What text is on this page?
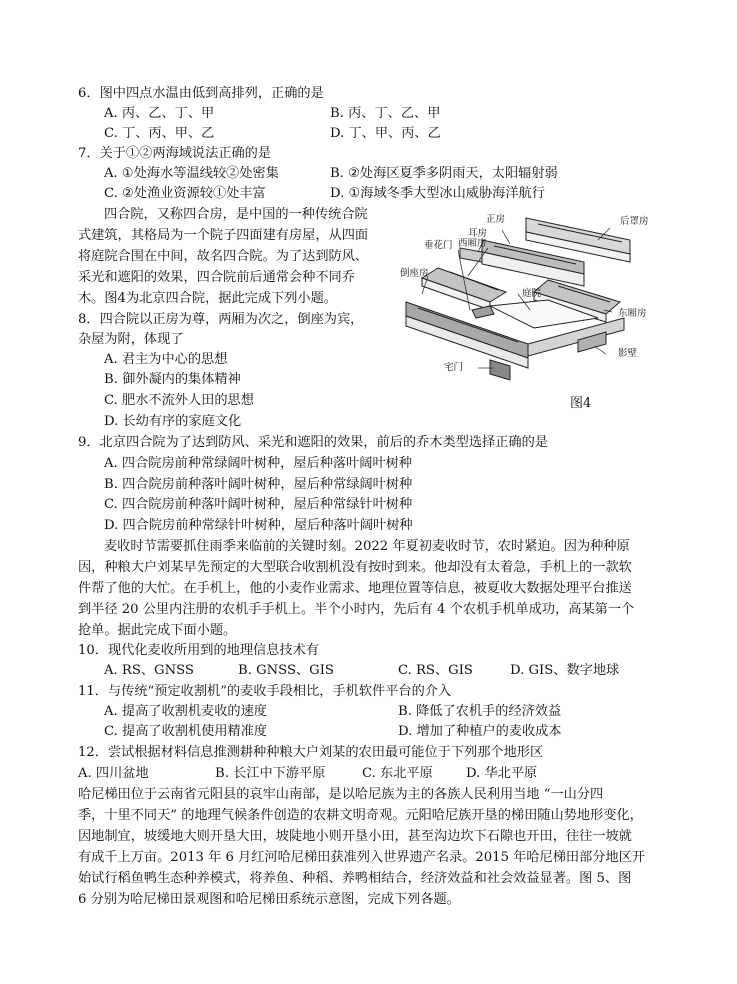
6．图中四点水温由低到高排列，正确的是
A. 丙、乙、丁、甲	B. 丙、丁、乙、甲
C. 丁、丙、甲、乙	D. 丁、甲、丙、乙
7．关于①②两海域说法正确的是
A. ①处海水等温线较②处密集	B. ②处海区夏季多阴雨天，太阳辐射弱
C. ②处渔业资源较①处丰富	D. ①海域冬季大型冰山威胁海洋航行
四合院，又称四合房，是中国的一种传统合院
式建筑，其格局为一个院子四面建有房屋，从四面
将庭院合围在中间，故名四合院。为了达到防风、
采光和遮阳的效果，四合院前后通常会种不同乔
木。图4为北京四合院，据此完成下列小题。
正房	后罩房
耳房
垂花门 西厢房
倒座房
庭院
东厢房
影壁
宅门
图4
8．四合院以正房为尊，两厢为次之，倒座为宾，
杂屋为附，体现了
A. 君主为中心的思想
B. 御外凝内的集体精神
C. 肥水不流外人田的思想
D. 长幼有序的家庭文化
9．北京四合院为了达到防风、采光和遮阳的效果，前后的乔木类型选择正确的是
A. 四合院房前种常绿阔叶树种，屋后种落叶阔叶树种
B. 四合院房前种落叶阔叶树种，屋后种常绿阔叶树种
C. 四合院房前种落叶阔叶树种，屋后种常绿针叶树种
D. 四合院房前种常绿针叶树种，屋后种落叶阔叶树种
麦收时节需要抓住雨季来临前的关键时刻。2022 年夏初麦收时节，农时紧迫。因为种种原
因，种粮大户刘某早先预定的大型联合收割机没有按时到来。他却没有太着急，手机上的一款软
件帮了他的大忙。在手机上，他的小麦作业需求、地理位置等信息，被夏收大数据处理平台推送
到半径 20 公里内注册的农机手手机上。半个小时内，先后有 4 个农机手机单成功，高某第一个
抢单。据此完成下面小题。
10．现代化麦收所用到的地理信息技术有
A. RS、GNSS	B. GNSS、GIS	C. RS、GIS	D. GIS、数字地球
11．与传统“预定收割机”的麦收手段相比，手机软件平台的介入
A. 提高了收割机麦收的速度	B. 降低了农机手的经济效益
C. 提高了收割机使用精准度	D. 增加了种植户的麦收成本
12．尝试根据材料信息推测耕种种粮大户刘某的农田最可能位于下列那个地形区
A. 四川盆地	B. 长江中下游平原	C. 东北平原	D. 华北平原
哈尼梯田位于云南省元阳县的哀牢山南部，是以哈尼族为主的各族人民利用当地 “一山分四
季，十里不同天” 的地理气候条件创造的农耕文明奇观。元阳哈尼族开垦的梯田随山势地形变化，
因地制宜，坡缓地大则开垦大田，坡陡地小则开垦小田，甚至沟边坎下石隙也开田，往往一坡就
有成千上万亩。2013 年 6 月红河哈尼梯田获准列入世界遗产名录。2015 年哈尼梯田部分地区开
始试行稻鱼鸭生态种养模式，将养鱼、种稻、养鸭相结合，经济效益和社会效益显著。图 5、图
6 分别为哈尼梯田景观图和哈尼梯田系统示意图，完成下列各题。
